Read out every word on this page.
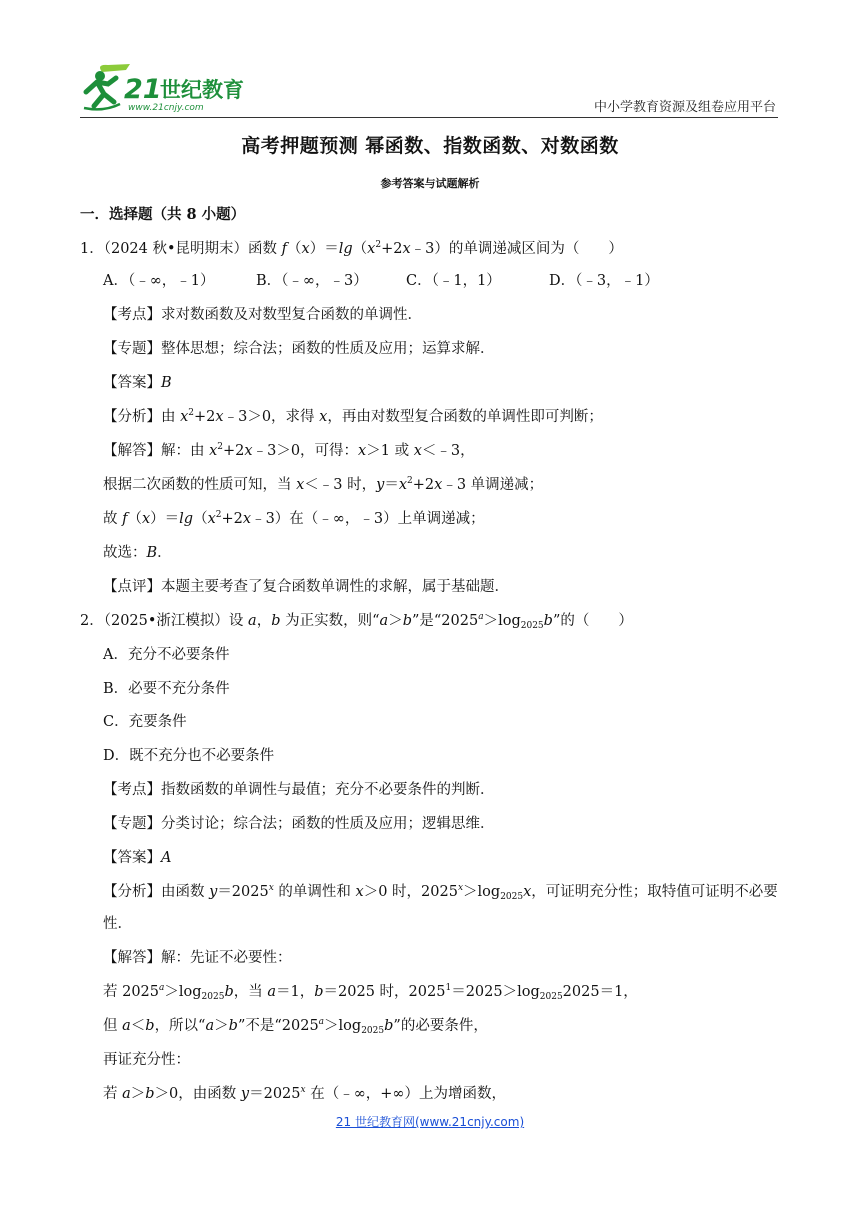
21
世纪教育
www.21cnjy.com	中小学教育资源及组卷应用平台
高考押题预测 幂函数、指数函数、对数函数
参考答案与试题解析
一．选择题（共 8 小题）
1．（2024 秋•昆明期末）函数 $f(x)=\lg(x^2+2x﹣3)$的单调递减区间为（　　）
A．（﹣∞，﹣1）	B．（﹣∞，﹣3）	C．（﹣1，1）	D．（﹣3，﹣1）
【考点】求对数函数及对数型复合函数的单调性．
【专题】整体思想；综合法；函数的性质及应用；运算求解．
【答案】B
【分析】由 $x^2+2x﹣3>0$，求得 x，再由对数型复合函数的单调性即可判断；
【解答】解：由 $x^2+2x﹣3>0$，可得：x＞1 或 x＜﹣3，
根据二次函数的性质可知，当 x＜﹣3 时，$y=x^2+2x﹣3$ 单调递减；
故 $f(x)=\lg(x^2+2x﹣3)$在（﹣∞，﹣3）上单调递减；
故选：B．
【点评】本题主要考查了复合函数单调性的求解，属于基础题．
2．（2025•浙江模拟）设 a，b 为正实数，则“a＞b”是“$2025^a>\log_{2025}b$”的（　　）
A．充分不必要条件
B．必要不充分条件
C．充要条件
D．既不充分也不必要条件
【考点】指数函数的单调性与最值；充分不必要条件的判断．
【专题】分类讨论；综合法；函数的性质及应用；逻辑思维．
【答案】A
【分析】由函数 $y=2025^x$ 的单调性和 x＞0 时，$2025^x>\log_{2025}x$，可证明充分性；取特值可证明不必要
性．
【解答】解：先证不必要性：
若 $2025^a>\log_{2025}b$，当 a＝1，b＝2025 时，$2025^1=2025>\log_{2025}2025=1$，
但 a＜b，所以“a＞b”不是“$2025^a>\log_{2025}b$”的必要条件，
再证充分性：
若 a＞b＞0，由函数 $y=2025^x$ 在（﹣∞，+∞）上为增函数，
21 世纪教育网(www.21cnjy.com)
